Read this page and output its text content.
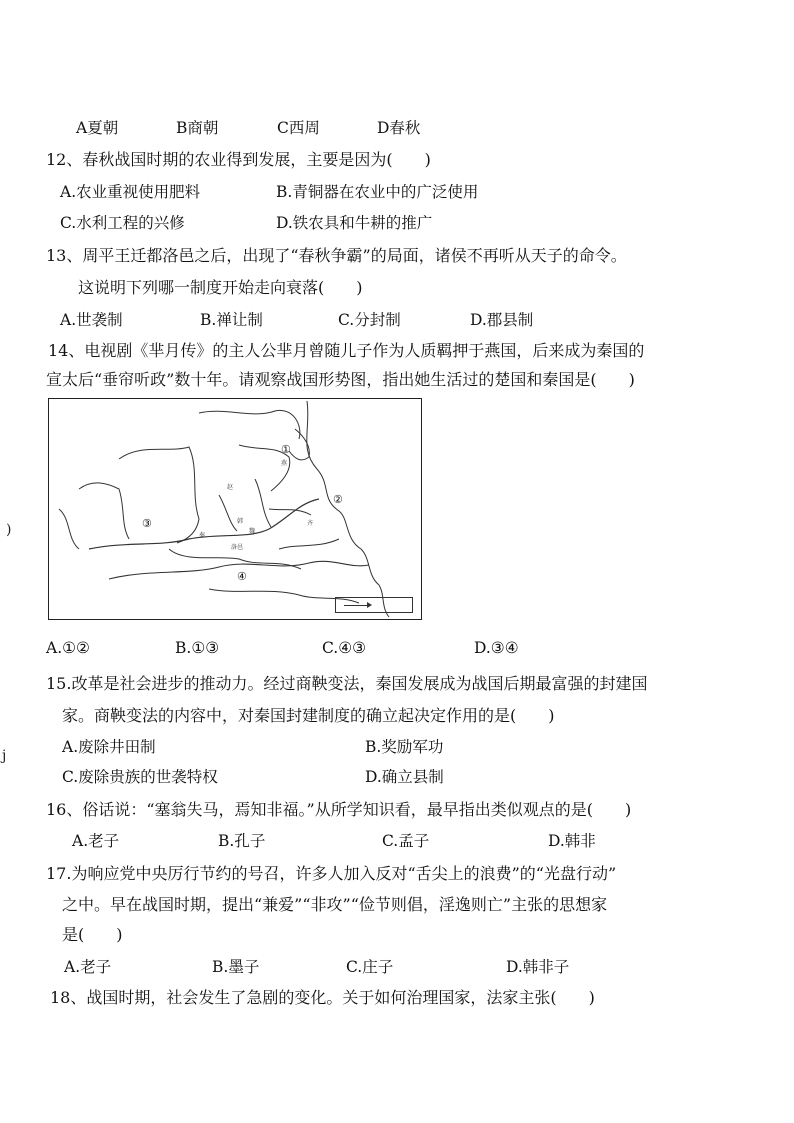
A夏朝	B商朝	C西周	D春秋
12、春秋战国时期的农业得到发展，主要是因为(　　)
A.农业重视使用肥料	B.青铜器在农业中的广泛使用
C.水利工程的兴修	D.铁农具和牛耕的推广
13、周平王迁都洛邑之后，出现了“春秋争霸”的局面，诸侯不再听从天子的命令。
这说明下列哪一制度开始走向衰落(　　)
A.世袭制	B.禅让制	C.分封制	D.郡县制
14、电视剧《芈月传》的主人公芈月曾随儿子作为人质羁押于燕国，后来成为秦国的
宣太后“垂帘听政”数十年。请观察战国形势图，指出她生活过的楚国和秦国是(　　)
赵
韩
魏
燕
齐
秦
洛邑
①
②
③
④
A.①②	B.①③	C.④③	D.③④
15.改革是社会进步的推动力。经过商鞅变法，秦国发展成为战国后期最富强的封建国
家。商鞅变法的内容中，对秦国封建制度的确立起决定作用的是(　　)
A.废除井田制	B.奖励军功
C.废除贵族的世袭特权	D.确立县制
16、俗话说：“塞翁失马，焉知非福。”从所学知识看，最早指出类似观点的是(　　)
A.老子	B.孔子	C.孟子	D.韩非
17.为响应党中央厉行节约的号召，许多人加入反对“舌尖上的浪费”的“光盘行动”
之中。早在战国时期，提出“兼爱”“非攻”“俭节则倡，淫逸则亡”主张的思想家
是(　　)
A.老子	B.墨子	C.庄子	D.韩非子
18、战国时期，社会发生了急剧的变化。关于如何治理国家，法家主张(　　)
)
j
